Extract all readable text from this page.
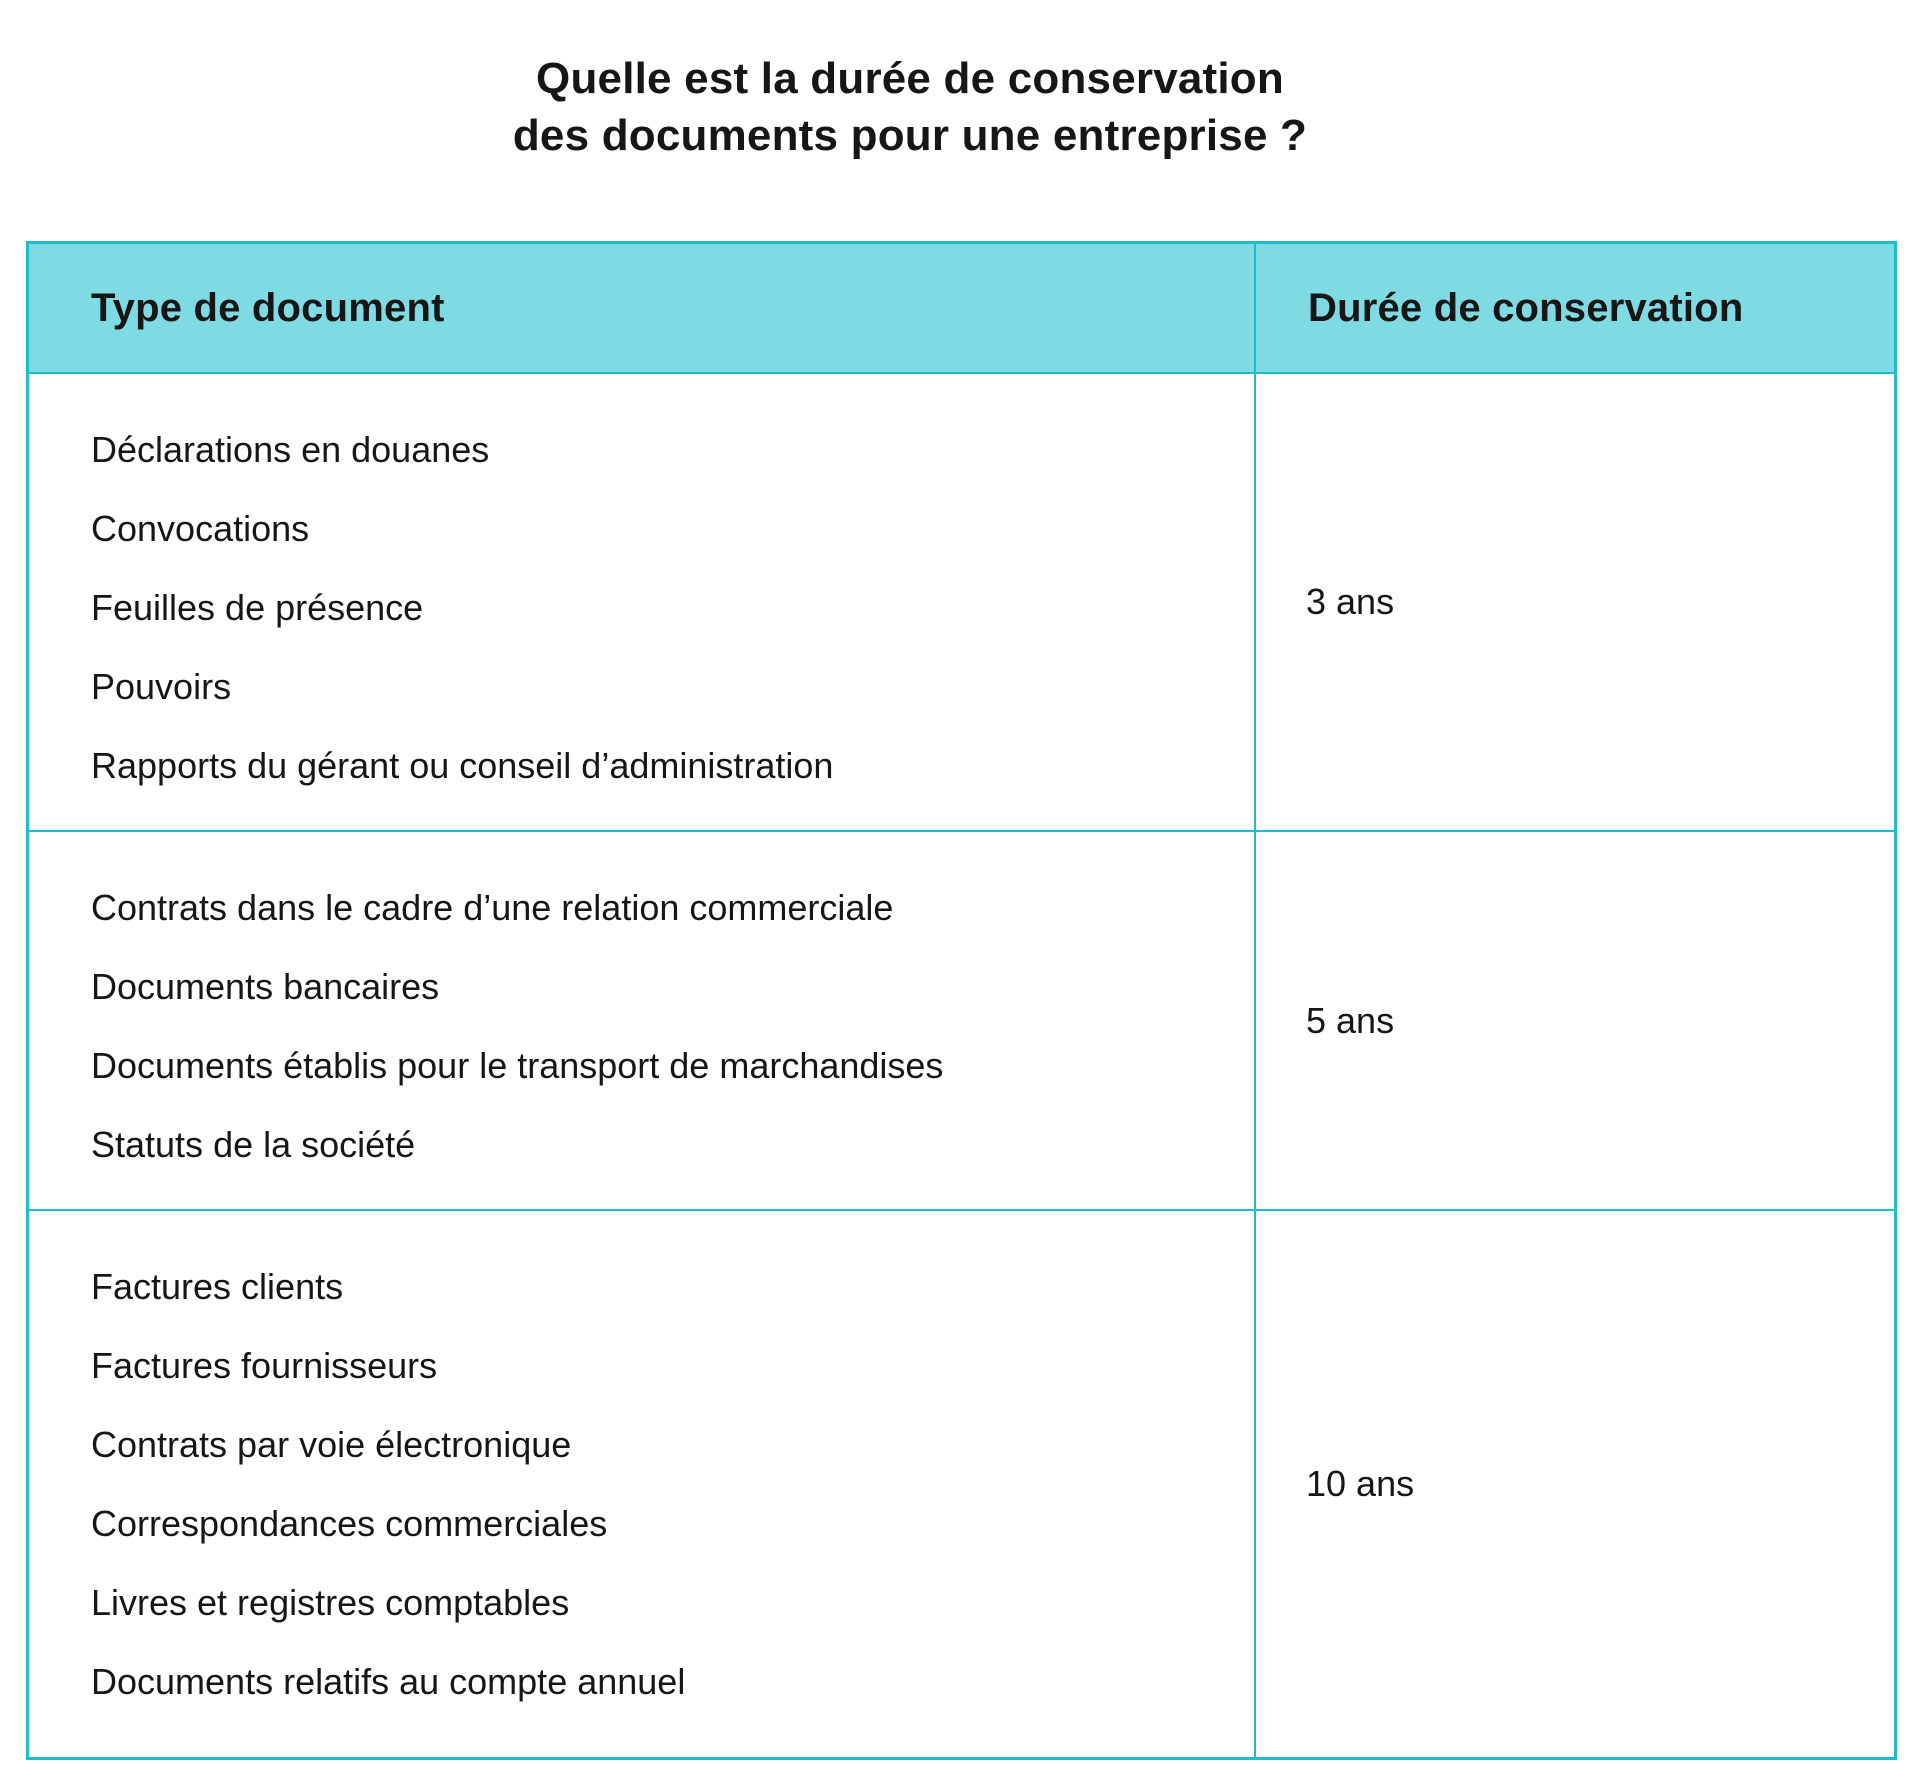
Quelle est la durée de conservation
des documents pour une entreprise ?
Type de document	Durée de conservation
Déclarations en douanes
Convocations
Feuilles de présence
Pouvoirs
Rapports du gérant ou conseil d’administration
3 ans
Contrats dans le cadre d’une relation commerciale
Documents bancaires
Documents établis pour le transport de marchandises
Statuts de la société
5 ans
Factures clients
Factures fournisseurs
Contrats par voie électronique
Correspondances commerciales
Livres et registres comptables
Documents relatifs au compte annuel
10 ans
